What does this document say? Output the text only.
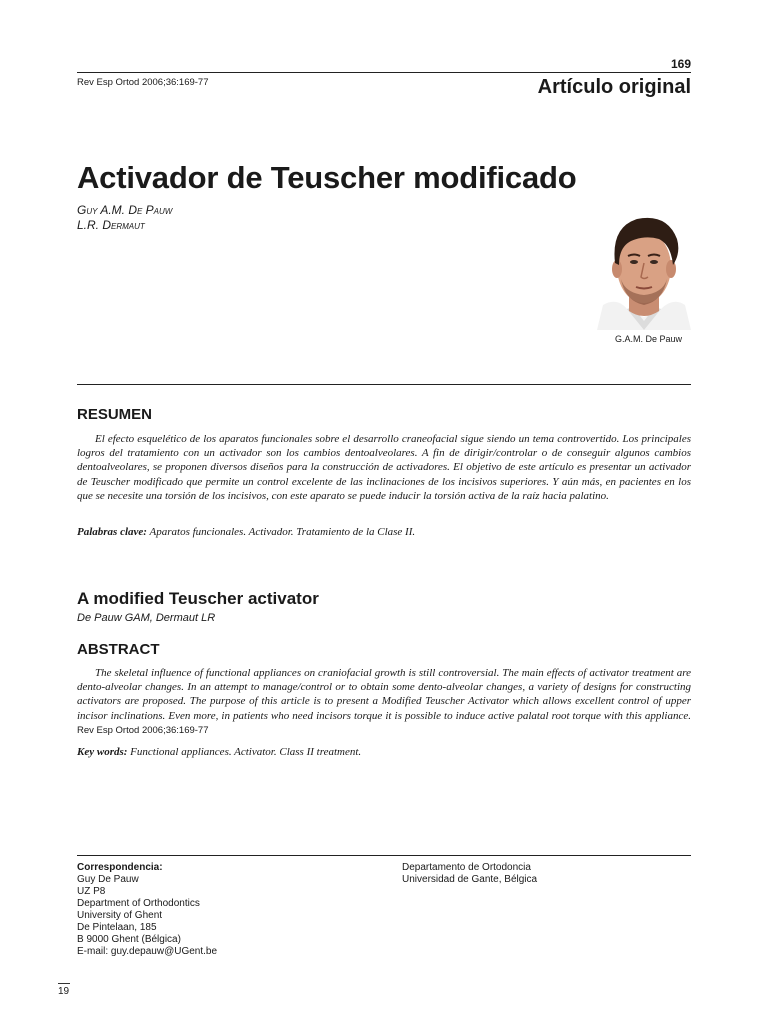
169
Rev Esp Ortod 2006;36:169-77	Artículo original
Activador de Teuscher modificado
Guy A.M. De Pauw
L.R. Dermaut
G.A.M. De Pauw
RESUMEN
El efecto esquelético de los aparatos funcionales sobre el desarrollo craneofacial sigue siendo un tema controvertido. Los principales logros del tratamiento con un activador son los cambios dentoalveolares. A fin de dirigir/controlar o de conseguir algunos cambios dentoalveolares, se proponen diversos diseños para la construcción de activadores. El objetivo de este artículo es presentar un activador de Teuscher modificado que permite un control excelente de las inclinaciones de los incisivos superiores. Y aún más, en pacientes en los que se necesite una torsión de los incisivos, con este aparato se puede inducir la torsión activa de la raíz hacia palatino.
Palabras clave: Aparatos funcionales. Activador. Tratamiento de la Clase II.
A modified Teuscher activator
De Pauw GAM, Dermaut LR
ABSTRACT
The skeletal influence of functional appliances on craniofacial growth is still controversial. The main effects of activator treatment are dento-alveolar changes. In an attempt to manage/control or to obtain some dento-alveolar changes, a variety of designs for constructing activators are proposed. The purpose of this article is to present a Modified Teuscher Activator which allows excellent control of upper incisor inclinations. Even more, in patients who need incisors torque it is possible to induce active palatal root torque with this appliance. Rev Esp Ortod 2006;36:169-77
Key words: Functional appliances. Activator. Class II treatment.
Correspondencia:
Guy De Pauw
UZ P8
Department of Orthodontics
University of Ghent
De Pintelaan, 185
B 9000 Ghent (Bélgica)
E-mail: guy.depauw@UGent.be
Departamento de Ortodoncia
Universidad de Gante, Bélgica
19
